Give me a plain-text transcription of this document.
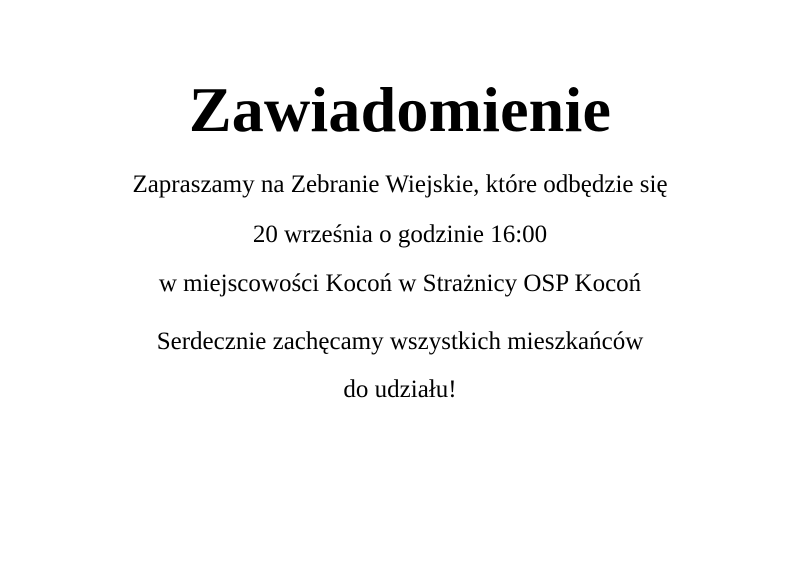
Zawiadomienie
Zapraszamy na Zebranie Wiejskie, które odbędzie się
20 września o godzinie 16:00
w miejscowości Kocoń w Strażnicy OSP Kocoń
Serdecznie zachęcamy wszystkich mieszkańców
do udziału!
